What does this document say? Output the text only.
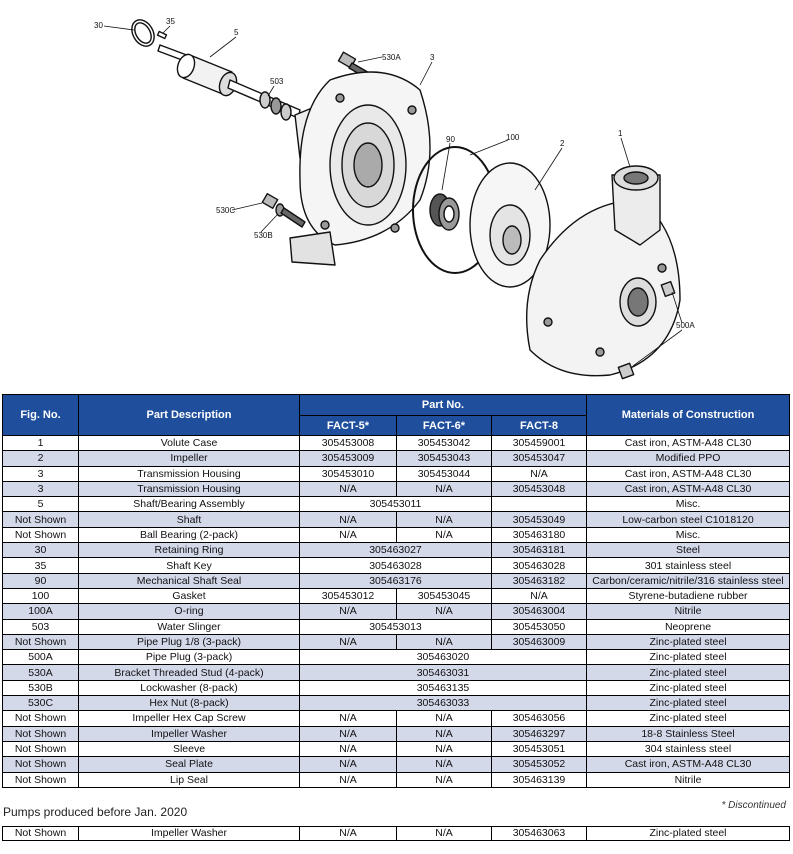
30	35
5
530A	3
503
90	100
2
1
530C
530B
500A
Fig. No.	Part Description	Part No.			Materials of Construction
		FACT-5*	FACT-6*	FACT-8	
1	Volute Case	305453008	305453042	305459001	Cast iron, ASTM-A48 CL30
2	Impeller	305453009	305453043	305453047	Modified PPO
3	Transmission Housing	305453010	305453044	N/A	Cast iron, ASTM-A48 CL30
3	Transmission Housing	N/A	N/A	305453048	Cast iron, ASTM-A48 CL30
5	Shaft/Bearing Assembly	305453011			Misc.
Not Shown	Shaft	N/A	N/A	305453049	Low-carbon steel C1018120
Not Shown	Ball Bearing (2-pack)	N/A	N/A	305463180	Misc.
30	Retaining Ring	305463027		305463181	Steel
35	Shaft Key	305463028		305463028	301 stainless steel
90	Mechanical Shaft Seal	305463176		305463182	Carbon/ceramic/nitrile/316 stainless steel
100	Gasket	305453012	305453045	N/A	Styrene-butadiene rubber
100A	O-ring	N/A	N/A	305463004	Nitrile
503	Water Slinger	305453013		305453050	Neoprene
Not Shown	Pipe Plug 1/8 (3-pack)	N/A	N/A	305463009	Zinc-plated steel
500A	Pipe Plug (3-pack)	305463020			Zinc-plated steel
530A	Bracket Threaded Stud (4-pack)	305463031			Zinc-plated steel
530B	Lockwasher (8-pack)	305463135			Zinc-plated steel
530C	Hex Nut (8-pack)	305463033			Zinc-plated steel
Not Shown	Impeller Hex Cap Screw	N/A	N/A	305463056	Zinc-plated steel
Not Shown	Impeller Washer	N/A	N/A	305463297	18-8 Stainless Steel
Not Shown	Sleeve	N/A	N/A	305453051	304 stainless steel
Not Shown	Seal Plate	N/A	N/A	305453052	Cast iron, ASTM-A48 CL30
Not Shown	Lip Seal	N/A	N/A	305463139	Nitrile
Pumps produced before Jan. 2020	* Discontinued
Not Shown	Impeller Washer	N/A	N/A	305463063	Zinc-plated steel
